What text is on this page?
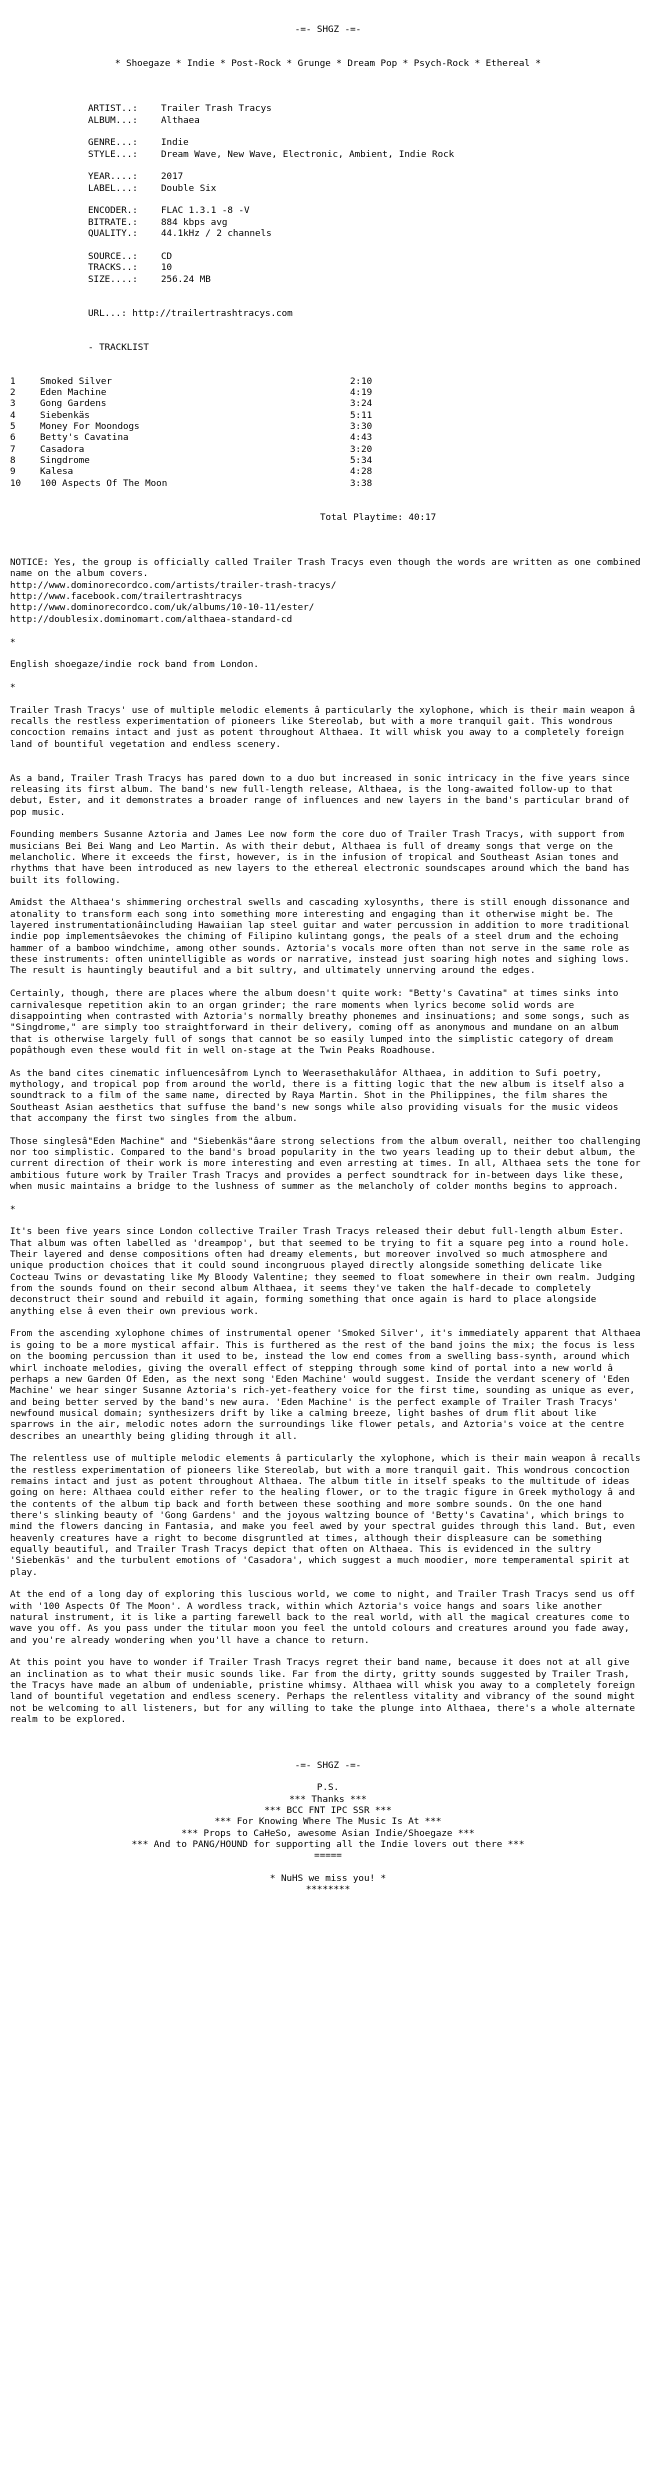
-=- SHGZ -=-
* Shoegaze * Indie * Post-Rock * Grunge * Dream Pop * Psych-Rock * Ethereal *
ARTIST..:	Trailer Trash Tracys
ALBUM...:	Althaea
GENRE...:	Indie
STYLE...:	Dream Wave, New Wave, Electronic, Ambient, Indie Rock
YEAR....:	2017
LABEL...:	Double Six
ENCODER.:	FLAC 1.3.1 -8 -V
BITRATE.:	884 kbps avg
QUALITY.:	44.1kHz / 2 channels
SOURCE..:	CD
TRACKS..:	10
SIZE....:	256.24 MB
URL...:
http://trailertrashtracys.com
- TRACKLIST
1	Smoked Silver	2:10
2	Eden Machine	4:19
3	Gong Gardens	3:24
4	Siebenkäs	5:11
5	Money For Moondogs	3:30
6	Betty's Cavatina	4:43
7	Casadora	3:20
8	Singdrome	5:34
9	Kalesa	4:28
10	100 Aspects Of The Moon	3:38
Total Playtime: 40:17
NOTICE: Yes, the group is officially called Trailer Trash Tracys even though the words are written as one combined name on the album covers.
http://www.dominorecordco.com/artists/trailer-trash-tracys/
http://www.facebook.com/trailertrashtracys
http://www.dominorecordco.com/uk/albums/10-10-11/ester/
http://doublesix.dominomart.com/althaea-standard-cd
*
English shoegaze/indie rock band from London.
*
Trailer Trash Tracys' use of multiple melodic elements â particularly the xylophone, which is their main weapon â recalls the restless experimentation of pioneers like Stereolab, but with a more tranquil gait. This wondrous concoction remains intact and just as potent throughout Althaea. It will whisk you away to a completely foreign land of bountiful vegetation and endless scenery.
As a band, Trailer Trash Tracys has pared down to a duo but increased in sonic intricacy in the five years since releasing its first album. The band's new full-length release, Althaea, is the long-awaited follow-up to that debut, Ester, and it demonstrates a broader range of influences and new layers in the band's particular brand of pop music.
Founding members Susanne Aztoria and James Lee now form the core duo of Trailer Trash Tracys, with support from musicians Bei Bei Wang and Leo Martin. As with their debut, Althaea is full of dreamy songs that verge on the melancholic. Where it exceeds the first, however, is in the infusion of tropical and Southeast Asian tones and rhythms that have been introduced as new layers to the ethereal electronic soundscapes around which the band has built its following.
Amidst the Althaea's shimmering orchestral swells and cascading xylosynths, there is still enough dissonance and atonality to transform each song into something more interesting and engaging than it otherwise might be. The layered instrumentationâincluding Hawaiian lap steel guitar and water percussion in addition to more traditional indie pop implementsâevokes the chiming of Filipino kulintang gongs, the peals of a steel drum and the echoing hammer of a bamboo windchime, among other sounds. Aztoria's vocals more often than not serve in the same role as these instruments: often unintelligible as words or narrative, instead just soaring high notes and sighing lows. The result is hauntingly beautiful and a bit sultry, and ultimately unnerving around the edges.
Certainly, though, there are places where the album doesn't quite work: "Betty's Cavatina" at times sinks into carnivalesque repetition akin to an organ grinder; the rare moments when lyrics become solid words are disappointing when contrasted with Aztoria's normally breathy phonemes and insinuations; and some songs, such as "Singdrome," are simply too straightforward in their delivery, coming off as anonymous and mundane on an album that is otherwise largely full of songs that cannot be so easily lumped into the simplistic category of dream popâthough even these would fit in well on-stage at the Twin Peaks Roadhouse.
As the band cites cinematic influencesâfrom Lynch to Weerasethakulâfor Althaea, in addition to Sufi poetry, mythology, and tropical pop from around the world, there is a fitting logic that the new album is itself also a soundtrack to a film of the same name, directed by Raya Martin. Shot in the Philippines, the film shares the Southeast Asian aesthetics that suffuse the band's new songs while also providing visuals for the music videos that accompany the first two singles from the album.
Those singlesâ"Eden Machine" and "Siebenkäs"âare strong selections from the album overall, neither too challenging nor too simplistic. Compared to the band's broad popularity in the two years leading up to their debut album, the current direction of their work is more interesting and even arresting at times. In all, Althaea sets the tone for ambitious future work by Trailer Trash Tracys and provides a perfect soundtrack for in-between days like these, when music maintains a bridge to the lushness of summer as the melancholy of colder months begins to approach.
*
It's been five years since London collective Trailer Trash Tracys released their debut full-length album Ester. That album was often labelled as 'dreampop', but that seemed to be trying to fit a square peg into a round hole. Their layered and dense compositions often had dreamy elements, but moreover involved so much atmosphere and unique production choices that it could sound incongruous played directly alongside something delicate like Cocteau Twins or devastating like My Bloody Valentine; they seemed to float somewhere in their own realm. Judging from the sounds found on their second album Althaea, it seems they've taken the half-decade to completely deconstruct their sound and rebuild it again, forming something that once again is hard to place alongside anything else â even their own previous work.
From the ascending xylophone chimes of instrumental opener 'Smoked Silver', it's immediately apparent that Althaea is going to be a more mystical affair. This is furthered as the rest of the band joins the mix; the focus is less on the booming percussion than it used to be, instead the low end comes from a swelling bass-synth, around which whirl inchoate melodies, giving the overall effect of stepping through some kind of portal into a new world â perhaps a new Garden Of Eden, as the next song 'Eden Machine' would suggest. Inside the verdant scenery of 'Eden Machine' we hear singer Susanne Aztoria's rich-yet-feathery voice for the first time, sounding as unique as ever, and being better served by the band's new aura. 'Eden Machine' is the perfect example of Trailer Trash Tracys' newfound musical domain; synthesizers drift by like a calming breeze, light bashes of drum flit about like sparrows in the air, melodic notes adorn the surroundings like flower petals, and Aztoria's voice at the centre describes an unearthly being gliding through it all.
The relentless use of multiple melodic elements â particularly the xylophone, which is their main weapon â recalls the restless experimentation of pioneers like Stereolab, but with a more tranquil gait. This wondrous concoction remains intact and just as potent throughout Althaea. The album title in itself speaks to the multitude of ideas going on here: Althaea could either refer to the healing flower, or to the tragic figure in Greek mythology â and the contents of the album tip back and forth between these soothing and more sombre sounds. On the one hand there's slinking beauty of 'Gong Gardens' and the joyous waltzing bounce of 'Betty's Cavatina', which brings to mind the flowers dancing in Fantasia, and make you feel awed by your spectral guides through this land. But, even heavenly creatures have a right to become disgruntled at times, although their displeasure can be something equally beautiful, and Trailer Trash Tracys depict that often on Althaea. This is evidenced in the sultry 'Siebenkäs' and the turbulent emotions of 'Casadora', which suggest a much moodier, more temperamental spirit at play.
At the end of a long day of exploring this luscious world, we come to night, and Trailer Trash Tracys send us off with '100 Aspects Of The Moon'. A wordless track, within which Aztoria's voice hangs and soars like another natural instrument, it is like a parting farewell back to the real world, with all the magical creatures come to wave you off. As you pass under the titular moon you feel the untold colours and creatures around you fade away, and you're already wondering when you'll have a chance to return.
At this point you have to wonder if Trailer Trash Tracys regret their band name, because it does not at all give an inclination as to what their music sounds like. Far from the dirty, gritty sounds suggested by Trailer Trash, the Tracys have made an album of undeniable, pristine whimsy. Althaea will whisk you away to a completely foreign land of bountiful vegetation and endless scenery. Perhaps the relentless vitality and vibrancy of the sound might not be welcoming to all listeners, but for any willing to take the plunge into Althaea, there's a whole alternate realm to be explored.
-=- SHGZ -=-
P.S.
*** Thanks ***
*** BCC FNT IPC SSR ***
*** For Knowing Where The Music Is At ***
*** Props to CaHeSo, awesome Asian Indie/Shoegaze ***
*** And to PANG/HOUND for supporting all the Indie lovers out there ***
=====
* NuHS we miss you! *
********
